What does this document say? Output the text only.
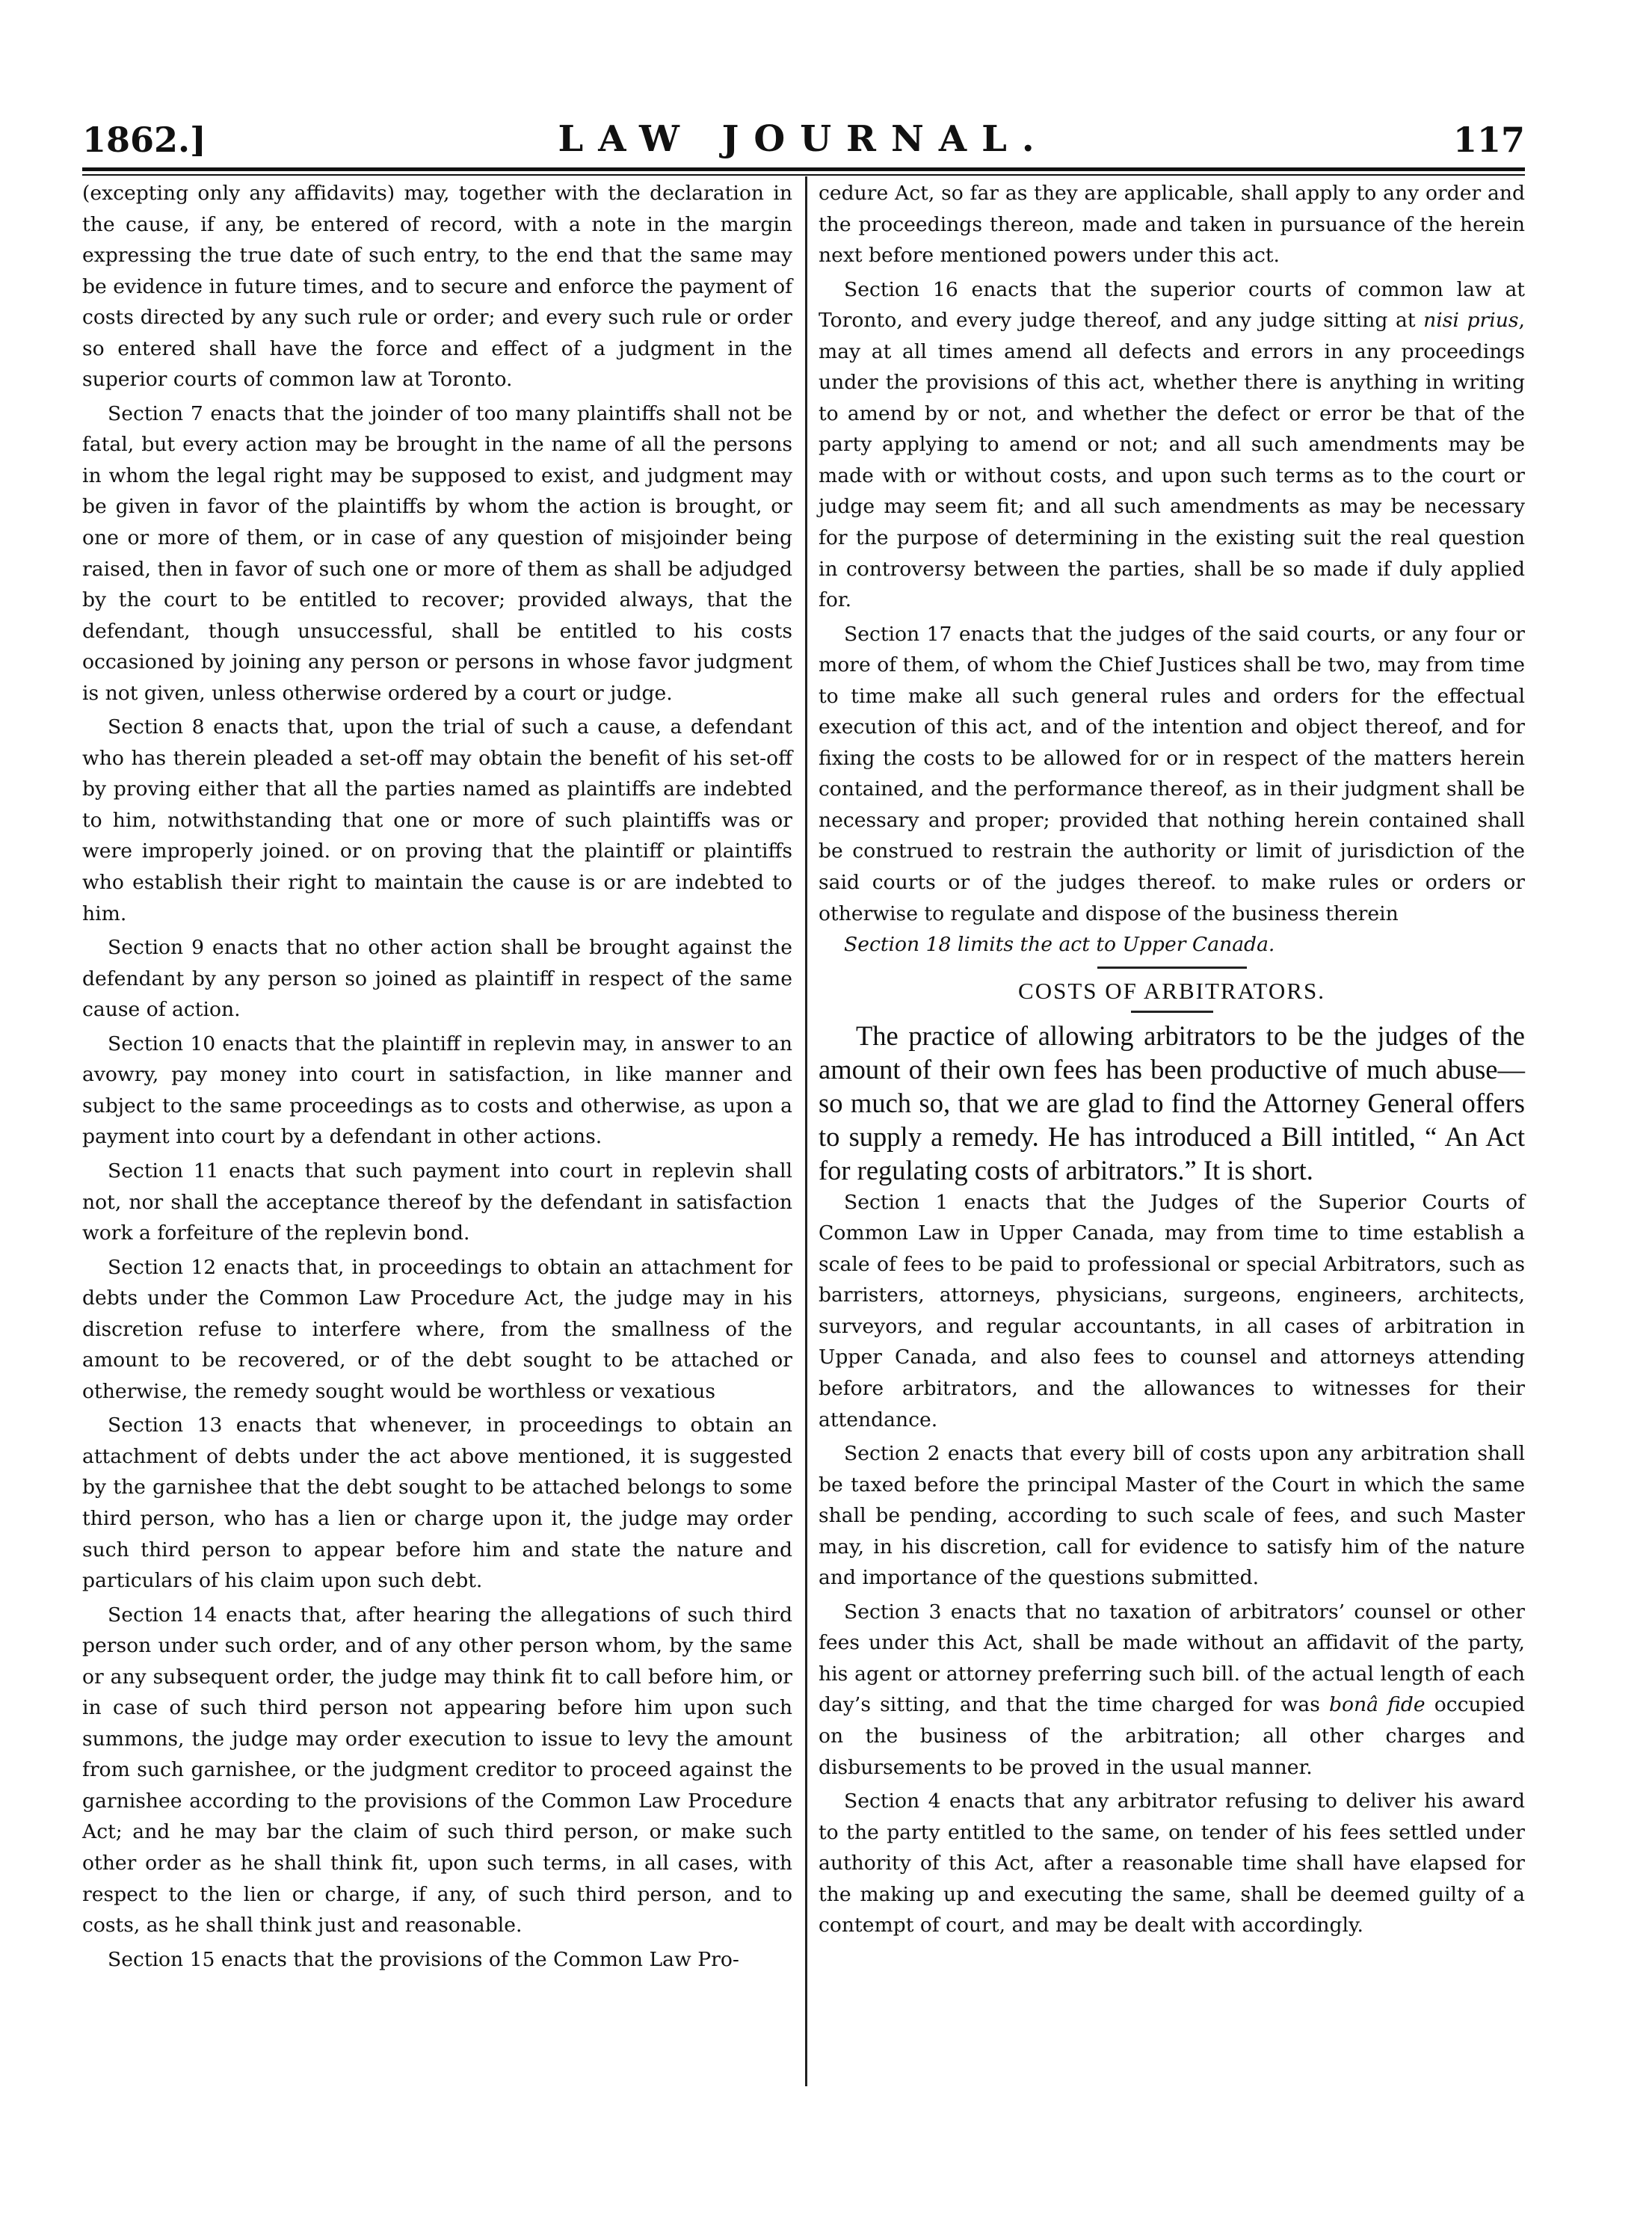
1862.]	LAW JOURNAL.	117

(excepting only any affidavits) may, together with the declaration in the cause, if any, be entered of record, with a note in the margin expressing the true date of such entry, to the end that the same may be evidence in future times, and to secure and enforce the payment of costs directed by any such rule or order; and every such rule or order so entered shall have the force and effect of a judgment in the superior courts of common law at Toronto.

Section 7 enacts that the joinder of too many plaintiffs shall not be fatal, but every action may be brought in the name of all the persons in whom the legal right may be supposed to exist, and judgment may be given in favor of the plaintiffs by whom the action is brought, or one or more of them, or in case of any question of misjoinder being raised, then in favor of such one or more of them as shall be adjudged by the court to be entitled to recover; provided always, that the defendant, though unsuccessful, shall be entitled to his costs occasioned by joining any person or persons in whose favor judgment is not given, unless otherwise ordered by a court or judge.

Section 8 enacts that, upon the trial of such a cause, a defendant who has therein pleaded a set-off may obtain the benefit of his set-off by proving either that all the parties named as plaintiffs are indebted to him, notwithstanding that one or more of such plaintiffs was or were improperly joined. or on proving that the plaintiff or plaintiffs who establish their right to maintain the cause is or are indebted to him.

Section 9 enacts that no other action shall be brought against the defendant by any person so joined as plaintiff in respect of the same cause of action.

Section 10 enacts that the plaintiff in replevin may, in answer to an avowry, pay money into court in satisfaction, in like manner and subject to the same proceedings as to costs and otherwise, as upon a payment into court by a defendant in other actions.

Section 11 enacts that such payment into court in replevin shall not, nor shall the acceptance thereof by the defendant in satisfaction work a forfeiture of the replevin bond.

Section 12 enacts that, in proceedings to obtain an attachment for debts under the Common Law Procedure Act, the judge may in his discretion refuse to interfere where, from the smallness of the amount to be recovered, or of the debt sought to be attached or otherwise, the remedy sought would be worthless or vexatious

Section 13 enacts that whenever, in proceedings to obtain an attachment of debts under the act above mentioned, it is suggested by the garnishee that the debt sought to be attached belongs to some third person, who has a lien or charge upon it, the judge may order such third person to appear before him and state the nature and particulars of his claim upon such debt.

Section 14 enacts that, after hearing the allegations of such third person under such order, and of any other person whom, by the same or any subsequent order, the judge may think fit to call before him, or in case of such third person not appearing before him upon such summons, the judge may order execution to issue to levy the amount from such garnishee, or the judgment creditor to proceed against the garnishee according to the provisions of the Common Law Procedure Act; and he may bar the claim of such third person, or make such other order as he shall think fit, upon such terms, in all cases, with respect to the lien or charge, if any, of such third person, and to costs, as he shall think just and reasonable.

Section 15 enacts that the provisions of the Common Law Pro-

cedure Act, so far as they are applicable, shall apply to any order and the proceedings thereon, made and taken in pursuance of the herein next before mentioned powers under this act.

Section 16 enacts that the superior courts of common law at Toronto, and every judge thereof, and any judge sitting at nisi prius, may at all times amend all defects and errors in any proceedings under the provisions of this act, whether there is anything in writing to amend by or not, and whether the defect or error be that of the party applying to amend or not; and all such amendments may be made with or without costs, and upon such terms as to the court or judge may seem fit; and all such amendments as may be necessary for the purpose of determining in the existing suit the real question in controversy between the parties, shall be so made if duly applied for.

Section 17 enacts that the judges of the said courts, or any four or more of them, of whom the Chief Justices shall be two, may from time to time make all such general rules and orders for the effectual execution of this act, and of the intention and object thereof, and for fixing the costs to be allowed for or in respect of the matters herein contained, and the performance thereof, as in their judgment shall be necessary and proper; provided that nothing herein contained shall be construed to restrain the authority or limit of jurisdiction of the said courts or of the judges thereof. to make rules or orders or otherwise to regulate and dispose of the business therein

Section 18 limits the act to Upper Canada.

COSTS OF ARBITRATORS.

The practice of allowing arbitrators to be the judges of the amount of their own fees has been productive of much abuse—so much so, that we are glad to find the Attorney General offers to supply a remedy. He has introduced a Bill intitled, “ An Act for regulating costs of arbitrators.” It is short.

Section 1 enacts that the Judges of the Superior Courts of Common Law in Upper Canada, may from time to time establish a scale of fees to be paid to professional or special Arbitrators, such as barristers, attorneys, physicians, surgeons, engineers, architects, surveyors, and regular accountants, in all cases of arbitration in Upper Canada, and also fees to counsel and attorneys attending before arbitrators, and the allowances to witnesses for their attendance.

Section 2 enacts that every bill of costs upon any arbitration shall be taxed before the principal Master of the Court in which the same shall be pending, according to such scale of fees, and such Master may, in his discretion, call for evidence to satisfy him of the nature and importance of the questions submitted.

Section 3 enacts that no taxation of arbitrators’ counsel or other fees under this Act, shall be made without an affidavit of the party, his agent or attorney preferring such bill. of the actual length of each day’s sitting, and that the time charged for was bonâ fide occupied on the business of the arbitration; all other charges and disbursements to be proved in the usual manner.

Section 4 enacts that any arbitrator refusing to deliver his award to the party entitled to the same, on tender of his fees settled under authority of this Act, after a reasonable time shall have elapsed for the making up and executing the same, shall be deemed guilty of a contempt of court, and may be dealt with accordingly.
